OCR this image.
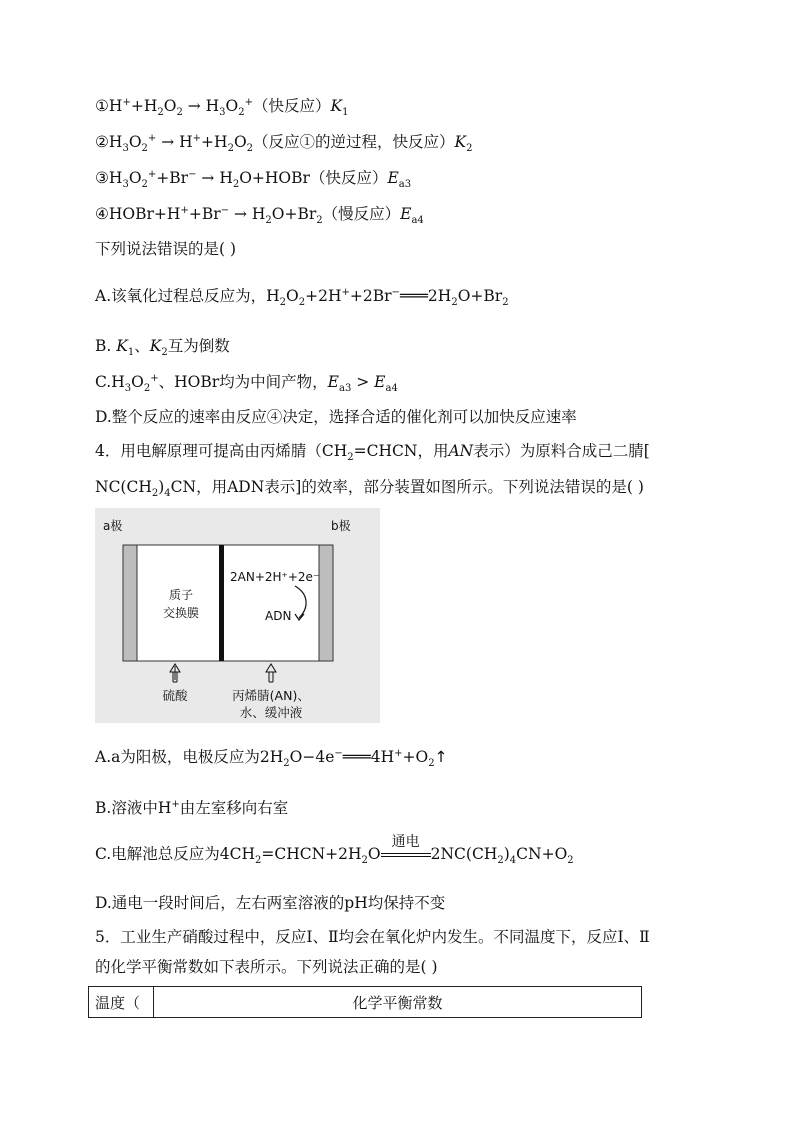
$①H^++H_2O_2 \to H_3O_2^+$（快反应）$K_1$
$②H_3O_2^+ \to H^++H_2O_2$（反应①的逆过程，快反应）$K_2$
$③H_3O_2^++Br^-$ → $H_2O+HOBr$（快反应）$E_{a3}$
④HOBr+H++Br− → $H_2O+Br_2$（慢反应）$E_{a4}$
下列说法错误的是( )
A.该氧化过程总反应为，$H_2O_2+2H^++2Br^-═══2H_2O+Br_2$
B. $K_1$、$K_2$互为倒数
$C.H_3O_2^+$、HOBr均为中间产物，$E_{a3} > E_{a4}$
D.整个反应的速率由反应④决定，选择合适的催化剂可以加快反应速率
4．用电解原理可提高由丙烯腈（$CH_2=CHCN$，用AN表示）为原料合成己二腈[
$NC(CH_2)_4CN$，用ADN表示]的效率，部分装置如图所示。下列说法错误的是( )
a极	b极
质子
交换膜
2AN+2H⁺+2e⁻
ADN
硫酸	丙烯腈(AN)、
水、缓冲液
A.a为阳极，电极反应为$2H_2O-4e^-═══4H^++O_2↑$
B.溶液中H+由左室移向右室
C.电解池总反应为$4CH_2=CHCN+2H_2O$
通电
$2NC(CH_2)_4CN+O_2$
D.通电一段时间后，左右两室溶液的pH均保持不变
5．工业生产硝酸过程中，反应Ⅰ、Ⅱ均会在氧化炉内发生。不同温度下，反应Ⅰ、Ⅱ
的化学平衡常数如下表所示。下列说法正确的是( )
温度（	化学平衡常数
